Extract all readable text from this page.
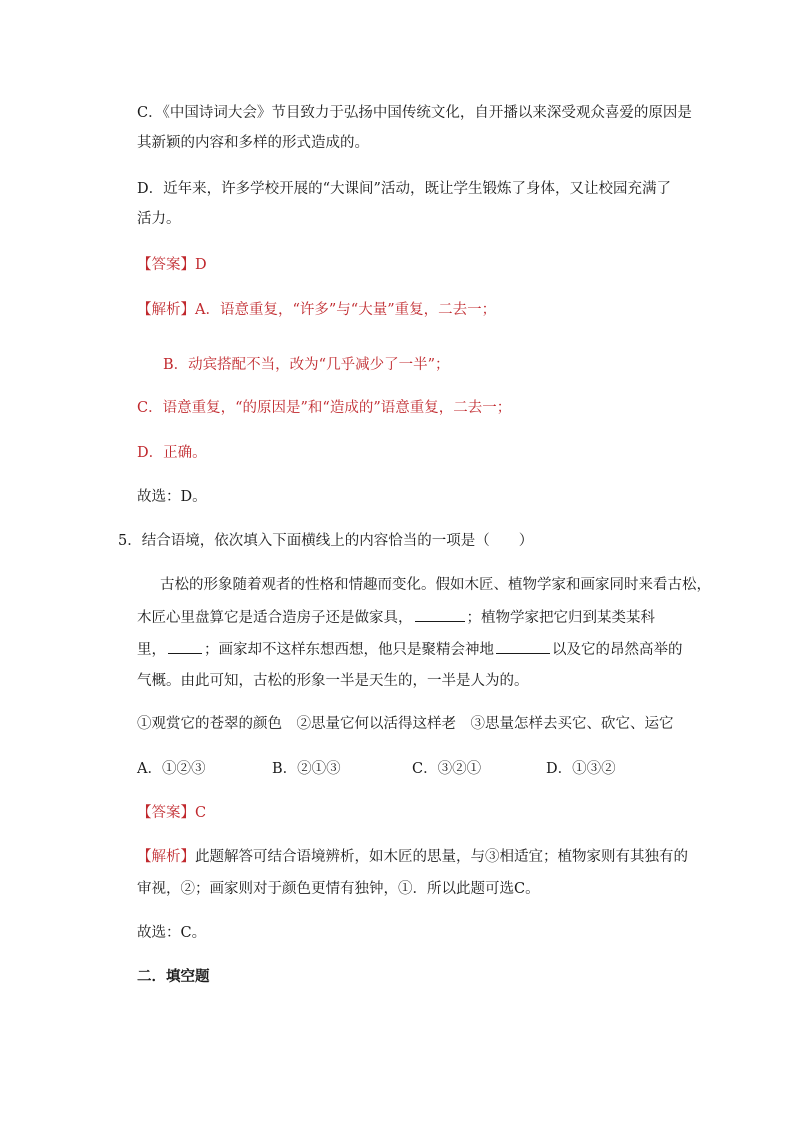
C．《中国诗词大会》节目致力于弘扬中国传统文化，自开播以来深受观众喜爱的原因是
其新颖的内容和多样的形式造成的。
D．近年来，许多学校开展的“大课间”活动，既让学生锻炼了身体，又让校园充满了
活力。
【答案】D
【解析】A．语意重复，“许多”与“大量”重复，二去一；
B．动宾搭配不当，改为“几乎减少了一半”；
C．语意重复，“的原因是”和“造成的”语意重复，二去一；
D．正确。
故选：D。
5．结合语境，依次填入下面横线上的内容恰当的一项是（　　）
古松的形象随着观者的性格和情趣而变化。假如木匠、植物学家和画家同时来看古松，
木匠心里盘算它是适合造房子还是做家具，	；植物学家把它归到某类某科
里，	；画家却不这样东想西想，他只是聚精会神地	以及它的昂然高举的
气概。由此可知，古松的形象一半是天生的，一半是人为的。
①观赏它的苍翠的颜色　②思量它何以活得这样老　③思量怎样去买它、砍它、运它
A．①②③	B．②①③	C．③②①	D．①③②
【答案】C
【解析】此题解答可结合语境辨析，如木匠的思量，与③相适宜；植物家则有其独有的
审视，②；画家则对于颜色更情有独钟，①．所以此题可选C。
故选：C。
二．填空题
